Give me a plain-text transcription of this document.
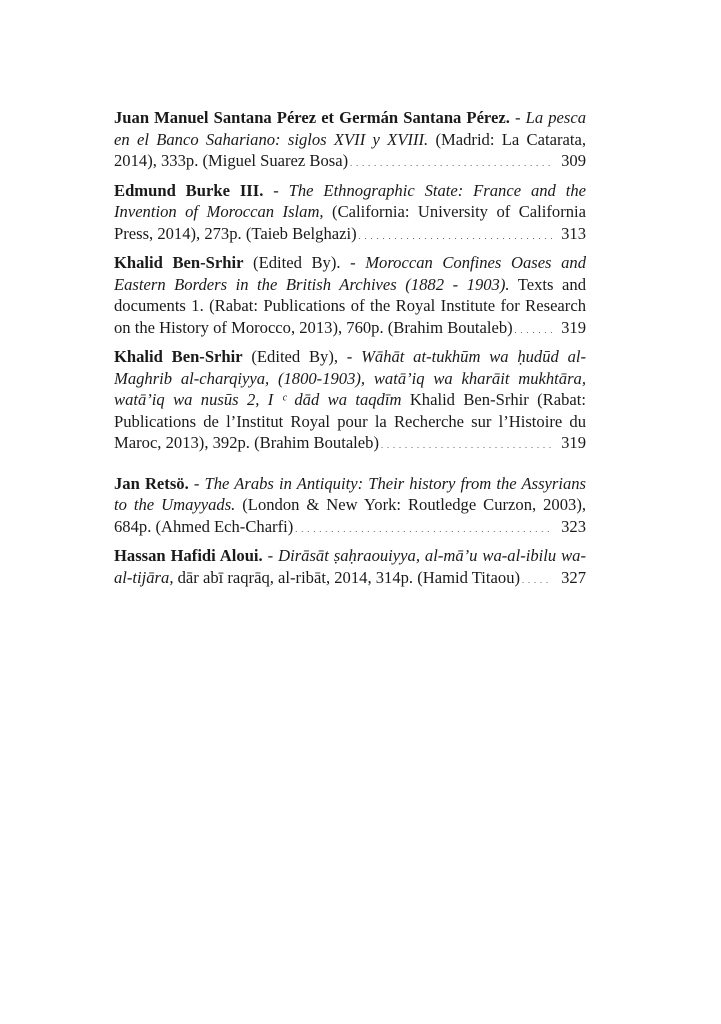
Juan Manuel Santana Pérez et Germán Santana Pérez. - La pesca
en el Banco Sahariano: siglos XVII y XVIII. (Madrid: La Catarata,
2014), 333p. (Miguel Suarez Bosa) . . .	309

Edmund Burke III. - The Ethnographic State: France and the
Invention of Moroccan Islam, (California: University of California
Press, 2014), 273p. (Taieb Belghazi) . . .	313

Khalid Ben-Srhir (Edited By). - Moroccan Confines Oases and
Eastern Borders in the British Archives (1882 - 1903). Texts and
documents 1. (Rabat: Publications of the Royal Institute for Research
on the History of Morocco, 2013), 760p. (Brahim Boutaleb) . . .	319

Khalid Ben-Srhir (Edited By), - Wāhāt at-tukhūm wa ḥudūd al-
Maghrib al-charqiyya, (1800-1903), watā’iq wa kharāit mukhtāra,
watā’iq wa nusūs 2, I ᶜ dād wa taqdīm Khalid Ben-Srhir (Rabat:
Publications de l’Institut Royal pour la Recherche sur l’Histoire du
Maroc, 2013), 392p. (Brahim Boutaleb) . . .	319

Jan Retsö. - The Arabs in Antiquity: Their history from the Assyrians
to the Umayyads. (London & New York: Routledge Curzon, 2003),
684p. (Ahmed Ech-Charfi) . . .	323

Hassan Hafidi Aloui. - Dirāsāt ṣaḥraouiyya, al-mā’u wa-al-ibilu wa-
al-tijāra, dār abī raqrāq, al-ribāt, 2014, 314p. (Hamid Titaou) . . .	327
